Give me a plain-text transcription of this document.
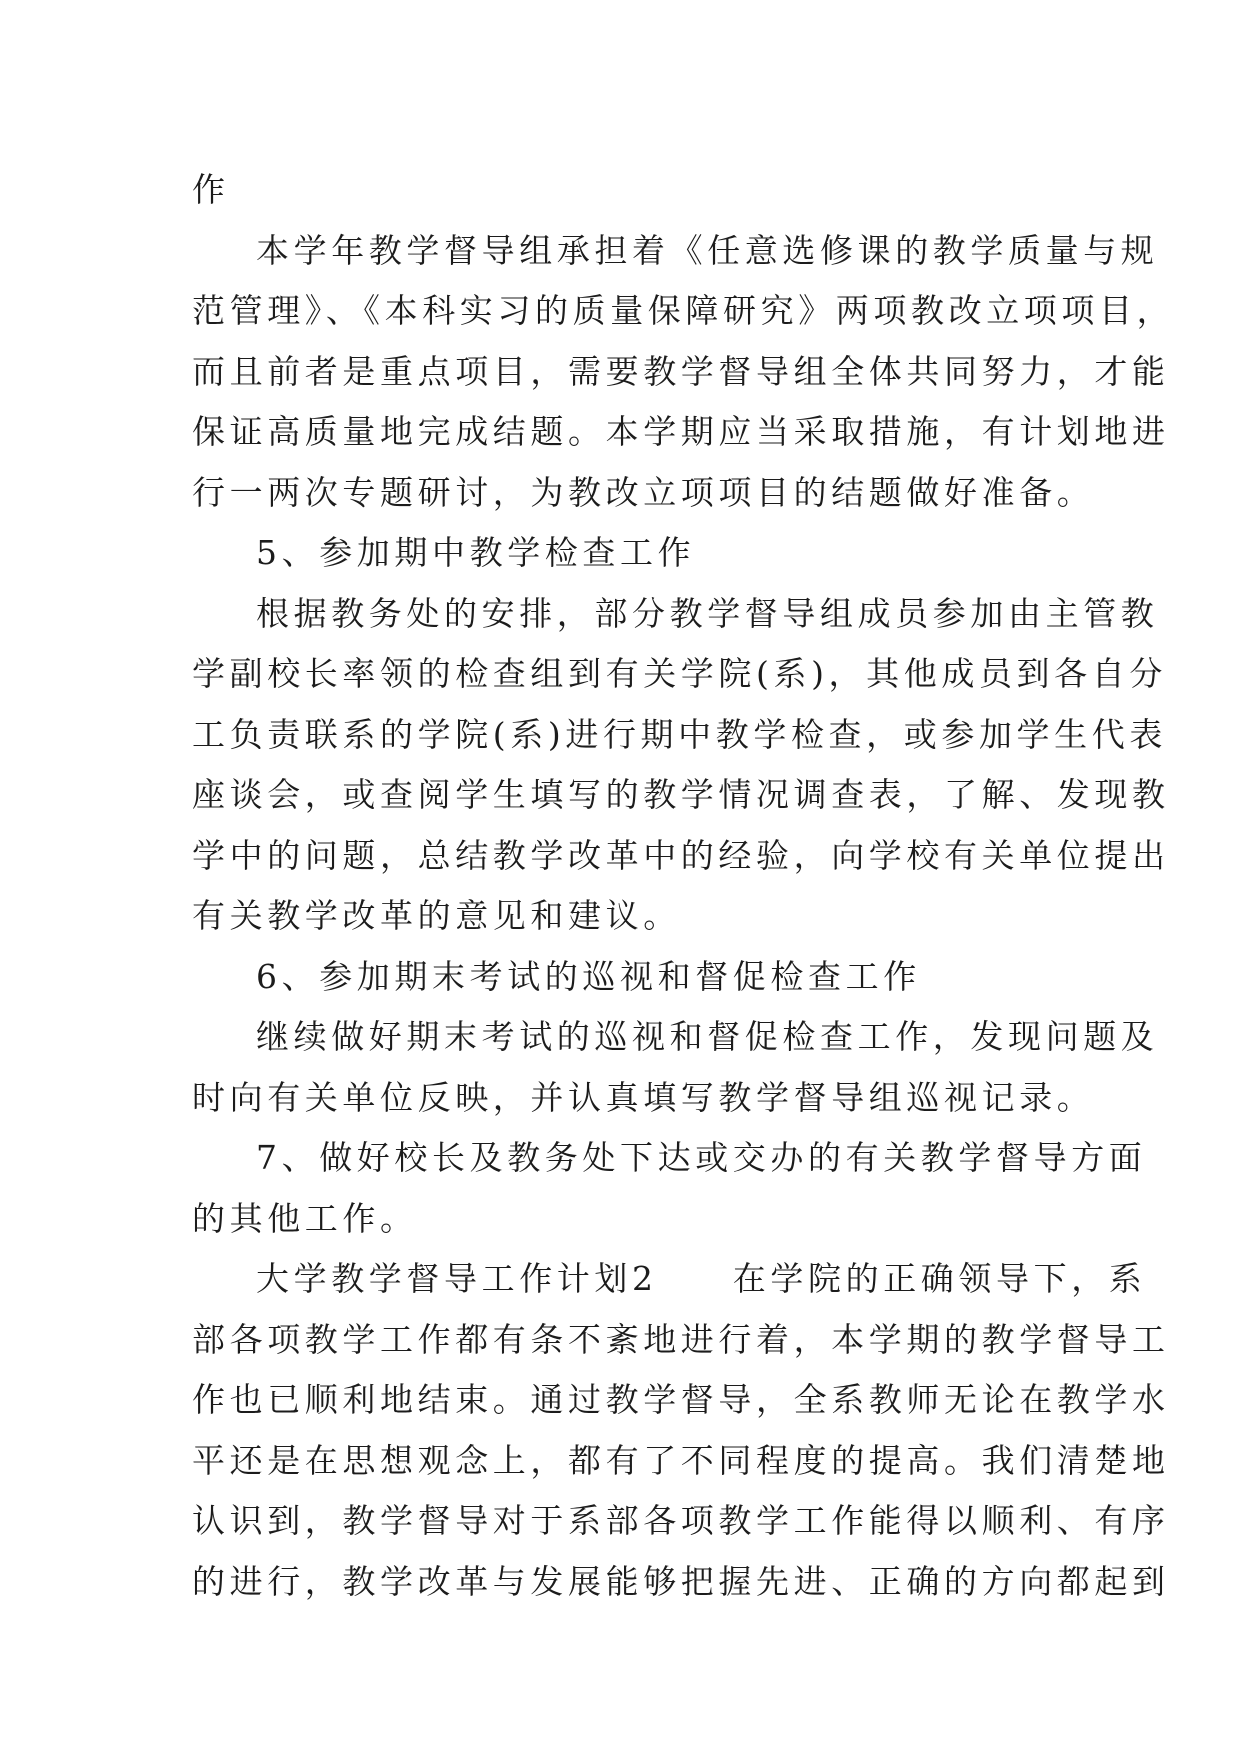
作
本学年教学督导组承担着《任意选修课的教学质量与规
范管理》、《本科实习的质量保障研究》两项教改立项项目，
而且前者是重点项目，需要教学督导组全体共同努力，才能
保证高质量地完成结题。本学期应当采取措施，有计划地进
行一两次专题研讨，为教改立项项目的结题做好准备。
5、参加期中教学检查工作
根据教务处的安排，部分教学督导组成员参加由主管教
学副校长率领的检查组到有关学院(系)，其他成员到各自分
工负责联系的学院(系)进行期中教学检查，或参加学生代表
座谈会，或查阅学生填写的教学情况调查表，了解、发现教
学中的问题，总结教学改革中的经验，向学校有关单位提出
有关教学改革的意见和建议。
6、参加期末考试的巡视和督促检查工作
继续做好期末考试的巡视和督促检查工作，发现问题及
时向有关单位反映，并认真填写教学督导组巡视记录。
7、做好校长及教务处下达或交办的有关教学督导方面
的其他工作。
大学教学督导工作计划2　　在学院的正确领导下，系
部各项教学工作都有条不紊地进行着，本学期的教学督导工
作也已顺利地结束。通过教学督导，全系教师无论在教学水
平还是在思想观念上，都有了不同程度的提高。我们清楚地
认识到，教学督导对于系部各项教学工作能得以顺利、有序
的进行，教学改革与发展能够把握先进、正确的方向都起到
